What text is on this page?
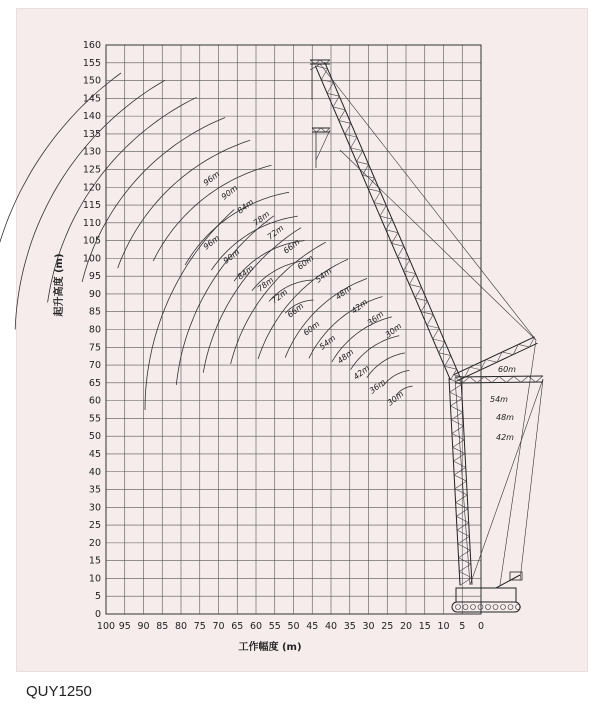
96m
90m
84m
78m
72m
66m
60m
54m
48m
42m
36m
30m
96m
90m
84m
78m
72m
66m
60m
54m
48m
42m
36m
30m
60m
54m
48m
42m
100 95 90 85 80 75 70 65 60 55 50 45 40 35 30 25 20 15 10 5 0
0
5
10
15
20
25
30
35
40
45
50
55
60
65
70
75
80
85
90
95
100
105
110
115
120
125
130
135
140
145
150
155
160
工作幅度 (m)
起升高度 (m)
QUY1250
